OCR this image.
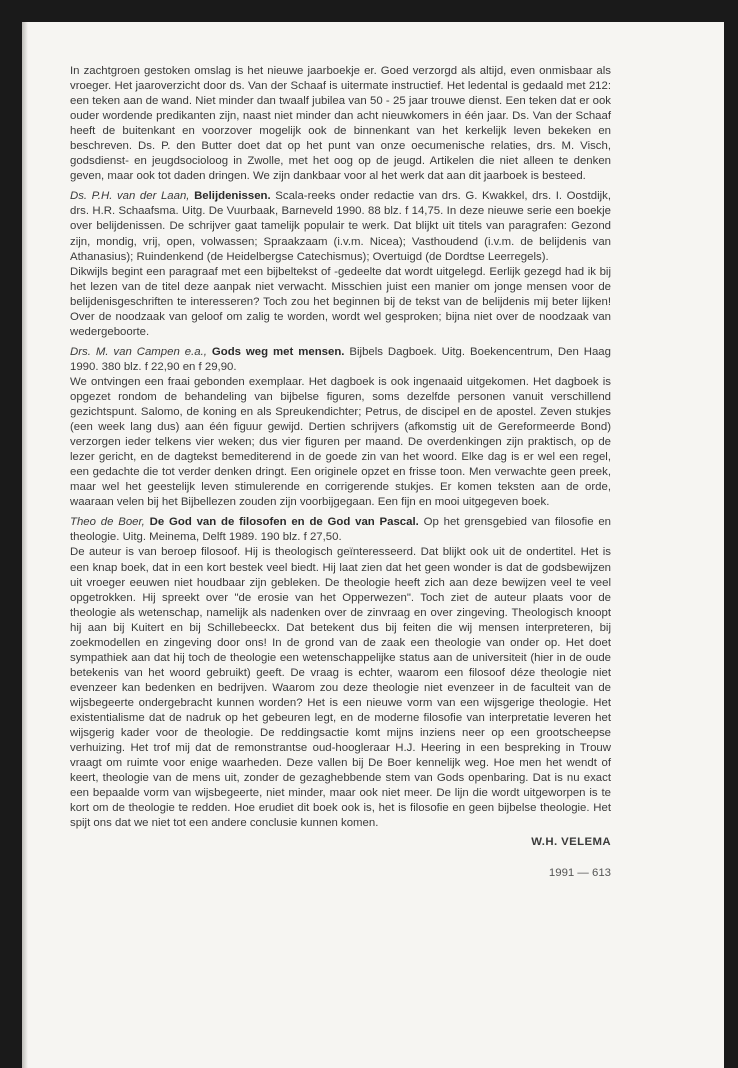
In zachtgroen gestoken omslag is het nieuwe jaarboekje er. Goed verzorgd als altijd, even onmisbaar als vroeger. Het jaaroverzicht door ds. Van der Schaaf is uitermate instructief. Het ledental is gedaald met 212: een teken aan de wand. Niet minder dan twaalf jubilea van 50 - 25 jaar trouwe dienst. Een teken dat er ook ouder wordende predikanten zijn, naast niet minder dan acht nieuwkomers in één jaar. Ds. Van der Schaaf heeft de buitenkant en voorzover mogelijk ook de binnenkant van het kerkelijk leven bekeken en beschreven. Ds. P. den Butter doet dat op het punt van onze oecumenische relaties, drs. M. Visch, godsdienst- en jeugdsocioloog in Zwolle, met het oog op de jeugd. Artikelen die niet alleen te denken geven, maar ook tot daden dringen. We zijn dankbaar voor al het werk dat aan dit jaarboek is besteed.

Ds. P.H. van der Laan, Belijdenissen. Scala-reeks onder redactie van drs. G. Kwakkel, drs. I. Oostdijk, drs. H.R. Schaafsma. Uitg. De Vuurbaak, Barneveld 1990. 88 blz. f 14,75. In deze nieuwe serie een boekje over belijdenissen. De schrijver gaat tamelijk populair te werk. Dat blijkt uit titels van paragrafen: Gezond zijn, mondig, vrij, open, volwassen; Spraakzaam (i.v.m. Nicea); Vasthoudend (i.v.m. de belijdenis van Athanasius); Ruindenkend (de Heidelbergse Catechismus); Overtuigd (de Dordtse Leerregels).

Dikwijls begint een paragraaf met een bijbeltekst of -gedeelte dat wordt uitgelegd. Eerlijk gezegd had ik bij het lezen van de titel deze aanpak niet verwacht. Misschien juist een manier om jonge mensen voor de belijdenisgeschriften te interesseren? Toch zou het beginnen bij de tekst van de belijdenis mij beter lijken! Over de noodzaak van geloof om zalig te worden, wordt wel gesproken; bijna niet over de noodzaak van wedergeboorte.

Drs. M. van Campen e.a., Gods weg met mensen. Bijbels Dagboek. Uitg. Boekencentrum, Den Haag 1990. 380 blz. f 22,90 en f 29,90.

We ontvingen een fraai gebonden exemplaar. Het dagboek is ook ingenaaid uitgekomen. Het dagboek is opgezet rondom de behandeling van bijbelse figuren, soms dezelfde personen vanuit verschillend gezichtspunt. Salomo, de koning en als Spreukendichter; Petrus, de discipel en de apostel. Zeven stukjes (een week lang dus) aan één figuur gewijd. Dertien schrijvers (afkomstig uit de Gereformeerde Bond) verzorgen ieder telkens vier weken; dus vier figuren per maand. De overdenkingen zijn praktisch, op de lezer gericht, en de dagtekst bemediterend in de goede zin van het woord. Elke dag is er wel een regel, een gedachte die tot verder denken dringt. Een originele opzet en frisse toon. Men verwachte geen preek, maar wel het geestelijk leven stimulerende en corrigerende stukjes. Er komen teksten aan de orde, waaraan velen bij het Bijbellezen zouden zijn voorbijgegaan. Een fijn en mooi uitgegeven boek.

Theo de Boer, De God van de filosofen en de God van Pascal. Op het grensgebied van filosofie en theologie. Uitg. Meinema, Delft 1989. 190 blz. f 27,50.

De auteur is van beroep filosoof. Hij is theologisch geïnteresseerd. Dat blijkt ook uit de ondertitel. Het is een knap boek, dat in een kort bestek veel biedt. Hij laat zien dat het geen wonder is dat de godsbewijzen uit vroeger eeuwen niet houdbaar zijn gebleken. De theologie heeft zich aan deze bewijzen veel te veel opgetrokken. Hij spreekt over "de erosie van het Opperwezen". Toch ziet de auteur plaats voor de theologie als wetenschap, namelijk als nadenken over de zinvraag en over zingeving. Theologisch knoopt hij aan bij Kuitert en bij Schillebeeckx. Dat betekent dus bij feiten die wij mensen interpreteren, bij zoekmodellen en zingeving door ons! In de grond van de zaak een theologie van onder op. Het doet sympathiek aan dat hij toch de theologie een wetenschappelijke status aan de universiteit (hier in de oude betekenis van het woord gebruikt) geeft. De vraag is echter, waarom een filosoof déze theologie niet evenzeer kan bedenken en bedrijven. Waarom zou deze theologie niet evenzeer in de faculteit van de wijsbegeerte ondergebracht kunnen worden? Het is een nieuwe vorm van een wijsgerige theologie. Het existentialisme dat de nadruk op het gebeuren legt, en de moderne filosofie van interpretatie leveren het wijsgerig kader voor de theologie. De reddingsactie komt mijns inziens neer op een grootscheepse verhuizing. Het trof mij dat de remonstrantse oud-hoogleraar H.J. Heering in een bespreking in Trouw vraagt om ruimte voor enige waarheden. Deze vallen bij De Boer kennelijk weg. Hoe men het wendt of keert, theologie van de mens uit, zonder de gezaghebbende stem van Gods openbaring. Dat is nu exact een bepaalde vorm van wijsbegeerte, niet minder, maar ook niet meer. De lijn die wordt uitgeworpen is te kort om de theologie te redden. Hoe erudiet dit boek ook is, het is filosofie en geen bijbelse theologie. Het spijt ons dat we niet tot een andere conclusie kunnen komen.

W.H. VELEMA
1991 — 613
